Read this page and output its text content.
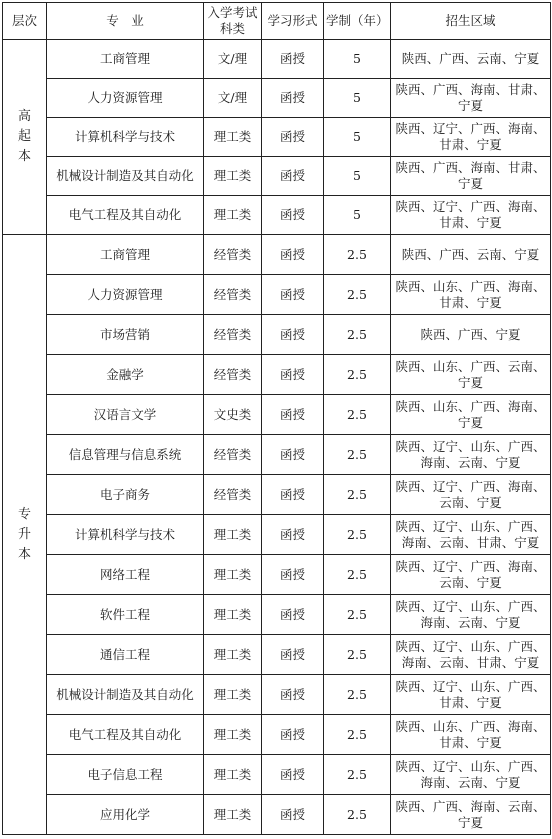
层次	专　业	入学考试科类	学习形式	学制（年）	招生区域

高
起
本	工商管理	文/理	函授	5	陕西、广西、云南、宁夏
	人力资源管理	文/理	函授	5	陕西、广西、海南、甘肃、宁夏
	计算机科学与技术	理工类	函授	5	陕西、辽宁、广西、海南、甘肃、宁夏
	机械设计制造及其自动化	理工类	函授	5	陕西、广西、海南、甘肃、宁夏
	电气工程及其自动化	理工类	函授	5	陕西、辽宁、广西、海南、甘肃、宁夏

专
升
本	工商管理	经管类	函授	2.5	陕西、广西、云南、宁夏
	人力资源管理	经管类	函授	2.5	陕西、山东、广西、海南、甘肃、宁夏
	市场营销	经管类	函授	2.5	陕西、广西、宁夏
	金融学	经管类	函授	2.5	陕西、山东、广西、云南、宁夏
	汉语言文学	文史类	函授	2.5	陕西、山东、广西、海南、宁夏
	信息管理与信息系统	经管类	函授	2.5	陕西、辽宁、山东、广西、海南、云南、宁夏
	电子商务	经管类	函授	2.5	陕西、辽宁、广西、海南、云南、宁夏
	计算机科学与技术	理工类	函授	2.5	陕西、辽宁、山东、广西、海南、云南、甘肃、宁夏
	网络工程	理工类	函授	2.5	陕西、辽宁、广西、海南、云南、宁夏
	软件工程	理工类	函授	2.5	陕西、辽宁、山东、广西、海南、云南、宁夏
	通信工程	理工类	函授	2.5	陕西、辽宁、山东、广西、海南、云南、甘肃、宁夏
	机械设计制造及其自动化	理工类	函授	2.5	陕西、辽宁、山东、广西、甘肃、宁夏
	电气工程及其自动化	理工类	函授	2.5	陕西、山东、广西、海南、甘肃、宁夏
	电子信息工程	理工类	函授	2.5	陕西、辽宁、山东、广西、海南、云南、宁夏
	应用化学	理工类	函授	2.5	陕西、广西、海南、云南、宁夏
